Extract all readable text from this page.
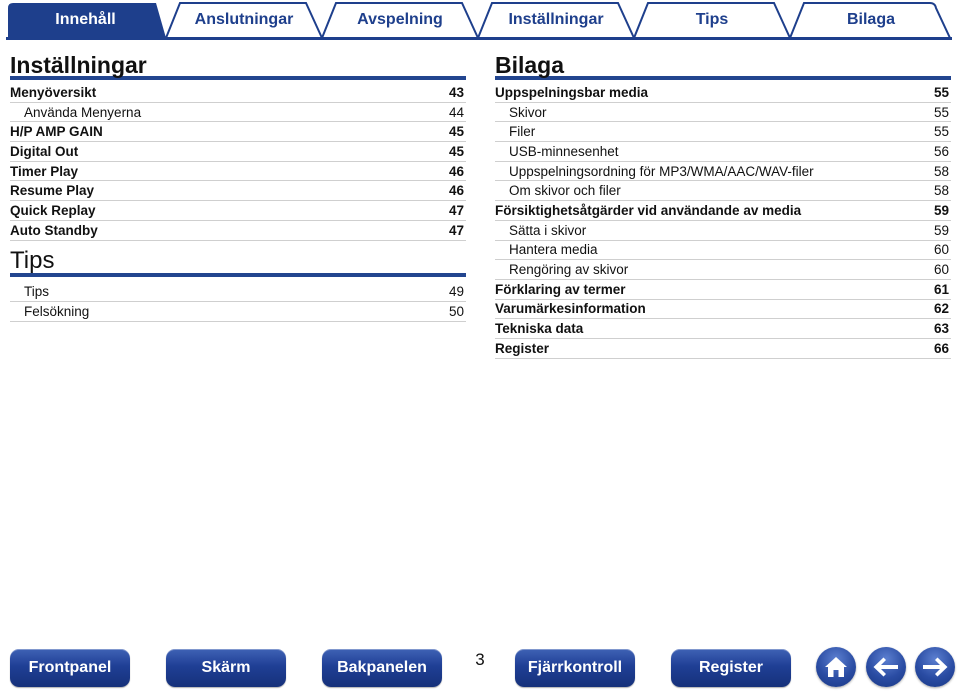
Innehåll	Anslutningar	Avspelning	Inställningar	Tips	Bilaga
Inställningar
Menyöversikt	43
Använda Menyerna	44
H/P AMP GAIN	45
Digital Out	45
Timer Play	46
Resume Play	46
Quick Replay	47
Auto Standby	47
Tips
Tips	49
Felsökning	50
Bilaga
Uppspelningsbar media	55
Skivor	55
Filer	55
USB-minnesenhet	56
Uppspelningsordning för MP3/WMA/AAC/WAV-filer	58
Om skivor och filer	58
Försiktighetsåtgärder vid användande av media	59
Sätta i skivor	59
Hantera media	60
Rengöring av skivor	60
Förklaring av termer	61
Varumärkesinformation	62
Tekniska data	63
Register	66
Frontpanel	Skärm	Bakpanelen	3	Fjärrkontroll	Register
